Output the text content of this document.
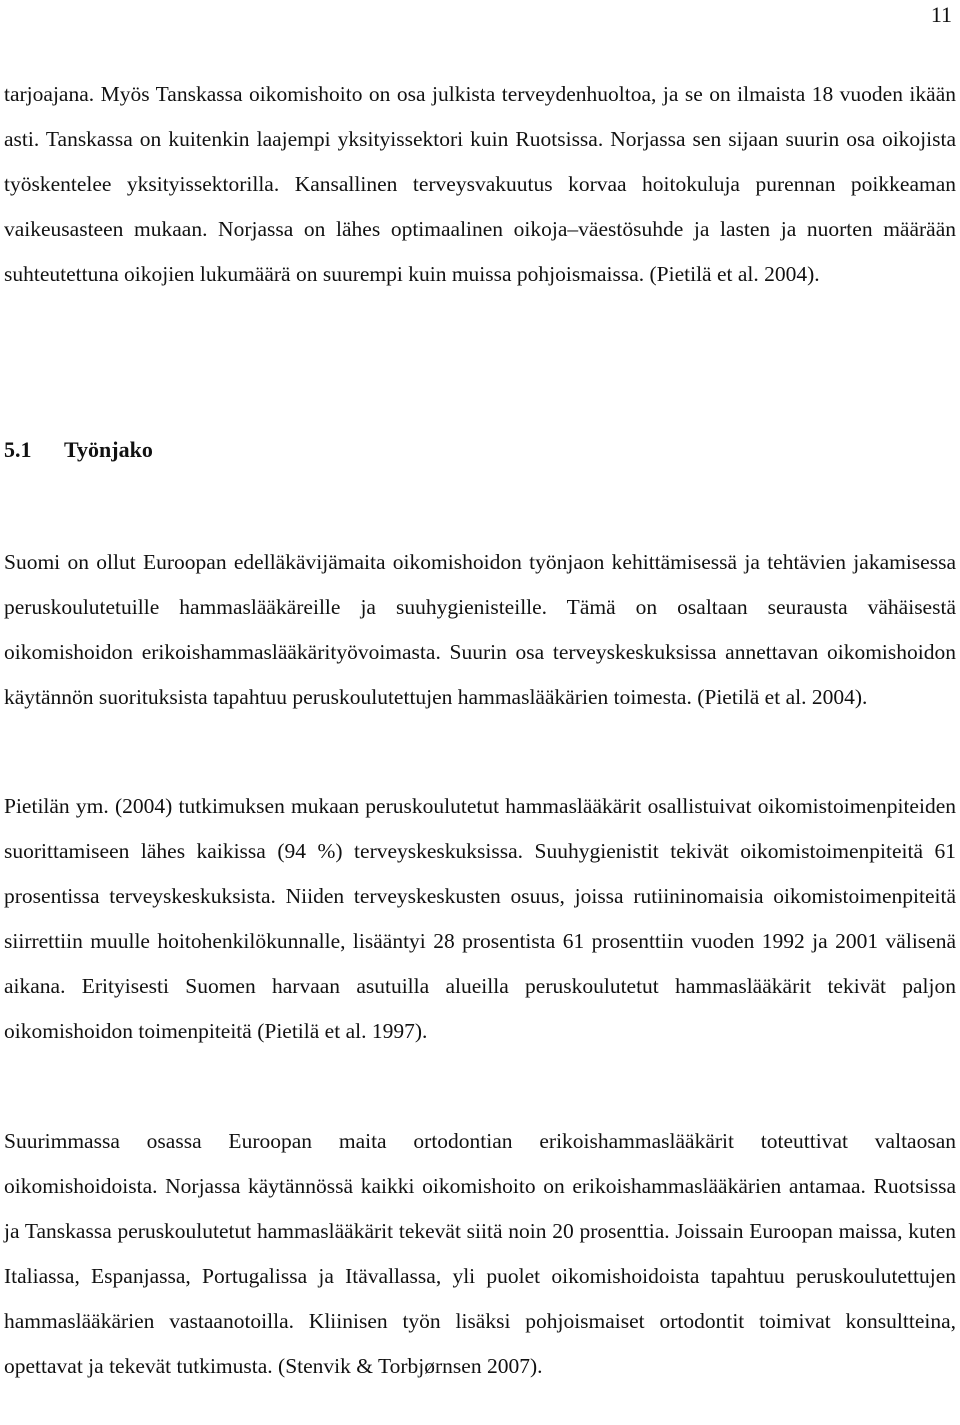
11

tarjoajana. Myös Tanskassa oikomishoito on osa julkista terveydenhuoltoa, ja se on ilmaista 18 vuoden ikään asti. Tanskassa on kuitenkin laajempi yksityissektori kuin Ruotsissa. Norjassa sen sijaan suurin osa oikojista työskentelee yksityissektorilla. Kansallinen terveysvakuutus korvaa hoitokuluja purennan poikkeaman vaikeusasteen mukaan. Norjassa on lähes optimaalinen oikoja–väestösuhde ja lasten ja nuorten määrään suhteutettuna oikojien lukumäärä on suurempi kuin muissa pohjoismaissa. (Pietilä et al. 2004).

5.1 Työnjako

Suomi on ollut Euroopan edelläkävijämaita oikomishoidon työnjaon kehittämisessä ja tehtävien jakamisessa peruskoulutetuille hammaslääkäreille ja suuhygienisteille. Tämä on osaltaan seurausta vähäisestä oikomishoidon erikoishammaslääkärityövoimasta. Suurin osa terveyskeskuksissa annettavan oikomishoidon käytännön suorituksista tapahtuu peruskoulutettujen hammaslääkärien toimesta. (Pietilä et al. 2004).

Pietilän ym. (2004) tutkimuksen mukaan peruskoulutetut hammaslääkärit osallistuivat oikomistoimenpiteiden suorittamiseen lähes kaikissa (94 %) terveyskeskuksissa. Suuhygienistit tekivät oikomistoimenpiteitä 61 prosentissa terveyskeskuksista. Niiden terveyskeskusten osuus, joissa rutiininomaisia oikomistoimenpiteitä siirrettiin muulle hoitohenkilökunnalle, lisääntyi 28 prosentista 61 prosenttiin vuoden 1992 ja 2001 välisenä aikana. Erityisesti Suomen harvaan asutuilla alueilla peruskoulutetut hammaslääkärit tekivät paljon oikomishoidon toimenpiteitä (Pietilä et al. 1997).

Suurimmassa osassa Euroopan maita ortodontian erikoishammaslääkärit toteuttivat valtaosan oikomishoidoista. Norjassa käytännössä kaikki oikomishoito on erikoishammaslääkärien antamaa. Ruotsissa ja Tanskassa peruskoulutetut hammaslääkärit tekevät siitä noin 20 prosenttia. Joissain Euroopan maissa, kuten Italiassa, Espanjassa, Portugalissa ja Itävallassa, yli puolet oikomishoidoista tapahtuu peruskoulutettujen hammaslääkärien vastaanotoilla. Kliinisen työn lisäksi pohjoismaiset ortodontit toimivat konsultteina, opettavat ja tekevät tutkimusta. (Stenvik & Torbjørnsen 2007).
